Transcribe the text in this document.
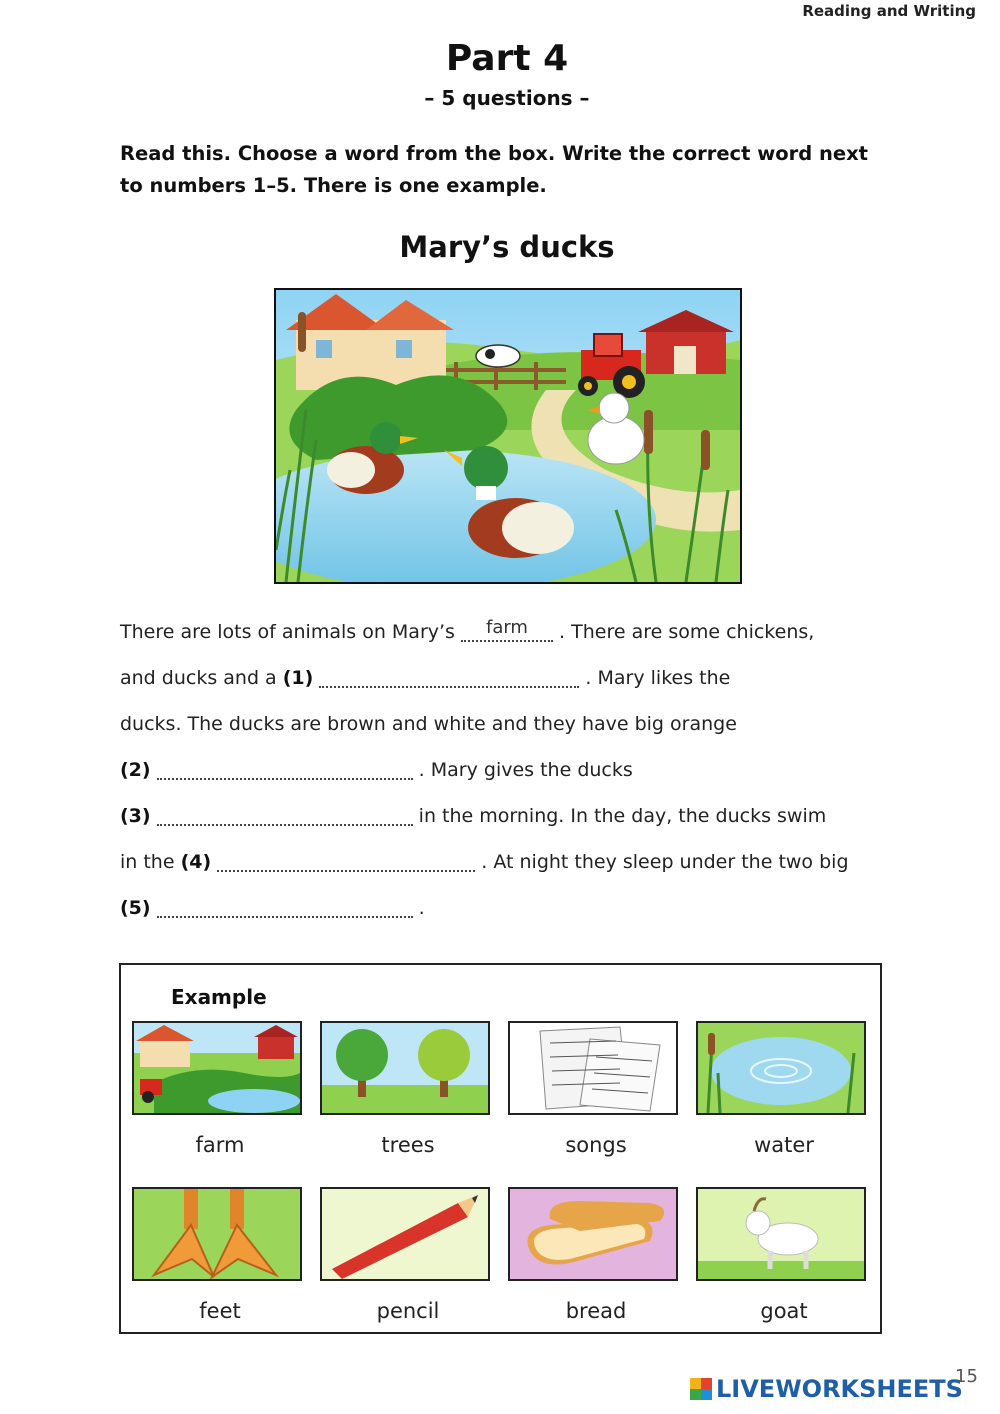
Reading and Writing
Part 4
– 5 questions –
Read this. Choose a word from the box. Write the correct word next to numbers 1–5. There is one example.
Mary’s ducks
There are lots of animals on Mary’s	farm	. There are some chickens,
and ducks and a (1)	. Mary likes the
ducks. The ducks are brown and white and they have big orange
(2)	. Mary gives the ducks
(3)	in the morning. In the day, the ducks swim
in the (4)	. At night they sleep under the two big
(5)	.
Example
farm	trees	songs	water
feet	pencil	bread	goat
LIVEWORKSHEETS
15
